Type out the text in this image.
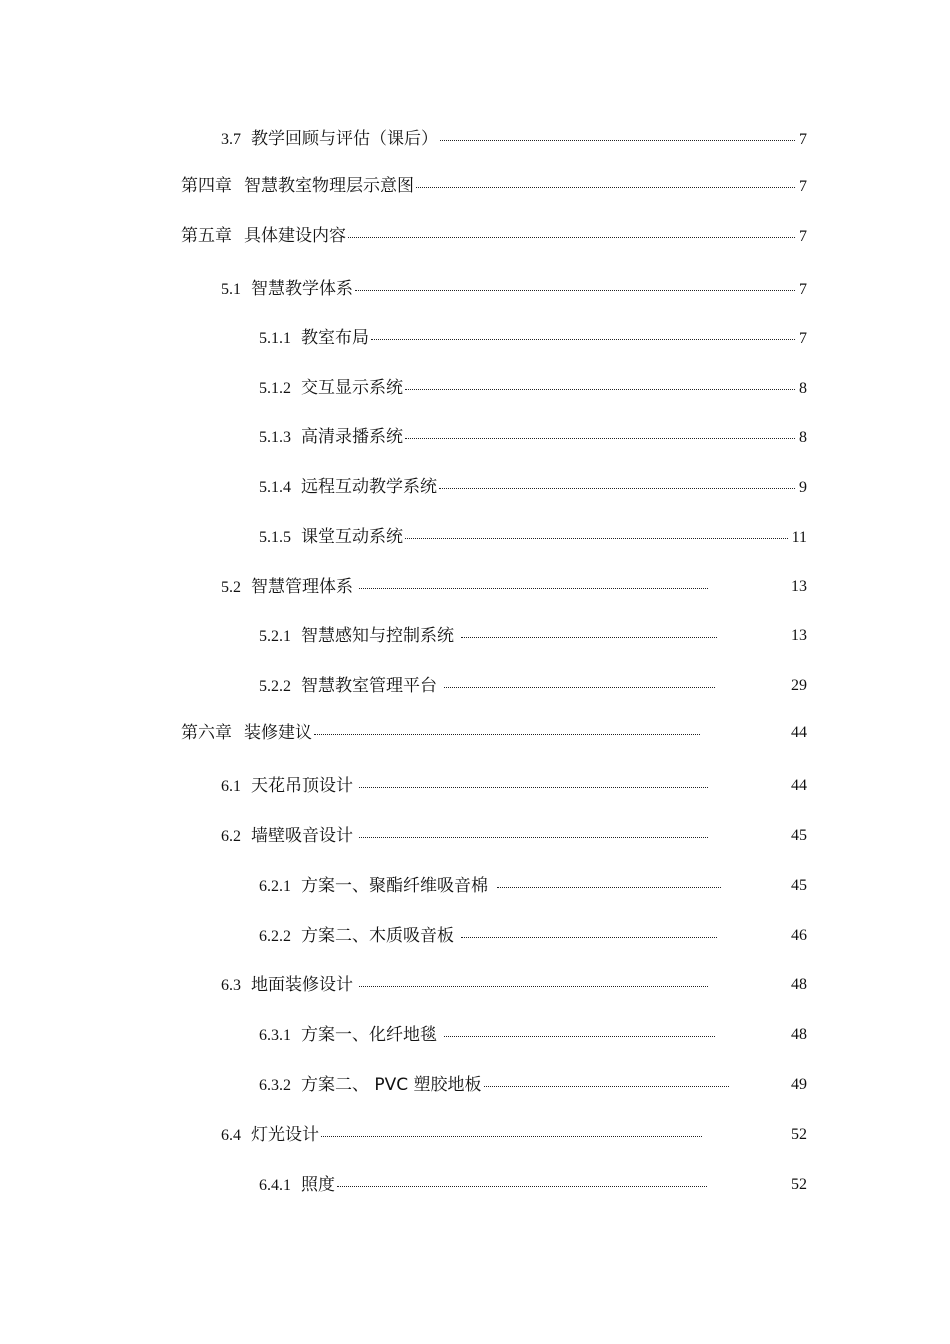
3.7 教学回顾与评估（课后）	7
第四章 智慧教室物理层示意图	7
第五章 具体建设内容	7
5.1 智慧教学体系	7
5.1.1 教室布局	7
5.1.2 交互显示系统	8
5.1.3 高清录播系统	8
5.1.4 远程互动教学系统	9
5.1.5 课堂互动系统	11
5.2 智慧管理体系	13
5.2.1 智慧感知与控制系统	13
5.2.2 智慧教室管理平台	29
第六章 装修建议	44
6.1 天花吊顶设计	44
6.2 墙壁吸音设计	45
6.2.1 方案一、聚酯纤维吸音棉	45
6.2.2 方案二、木质吸音板	46
6.3 地面装修设计	48
6.3.1 方案一、化纤地毯	48
6.3.2 方案二、 PVC 塑胶地板	49
6.4 灯光设计	52
6.4.1 照度	52
